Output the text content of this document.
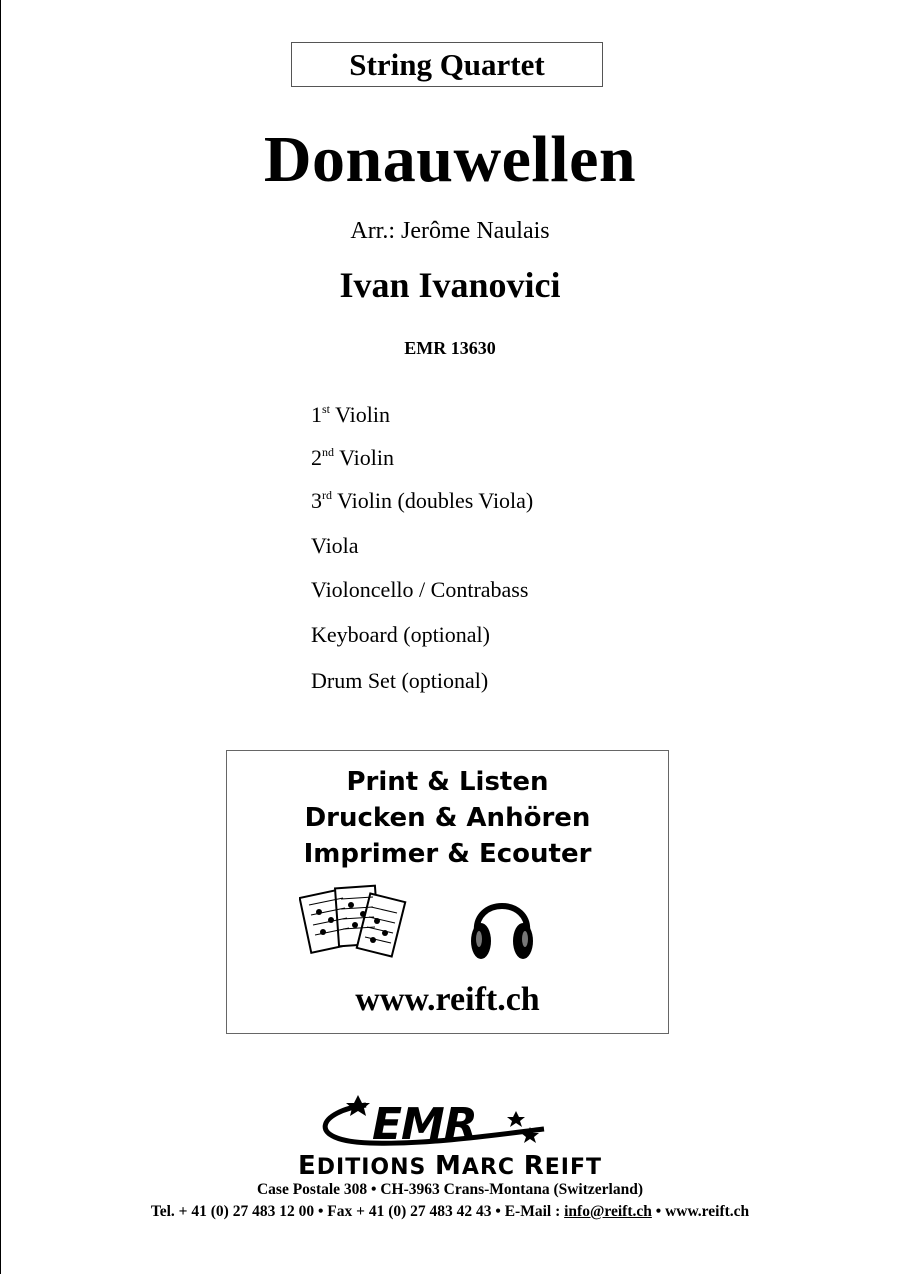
String Quartet
Donauwellen
Arr.: Jerôme Naulais
Ivan Ivanovici
EMR 13630
1st Violin
2nd Violin
3rd Violin (doubles Viola)
Viola
Violoncello / Contrabass
Keyboard (optional)
Drum Set (optional)
Print & Listen
Drucken & Anhören
Imprimer & Ecouter
www.reift.ch
EMR
EDITIONS MARC REIFT
Case Postale 308 • CH-3963 Crans-Montana (Switzerland)
Tel. + 41 (0) 27 483 12 00 • Fax + 41 (0) 27 483 42 43 • E-Mail : info@reift.ch • www.reift.ch
